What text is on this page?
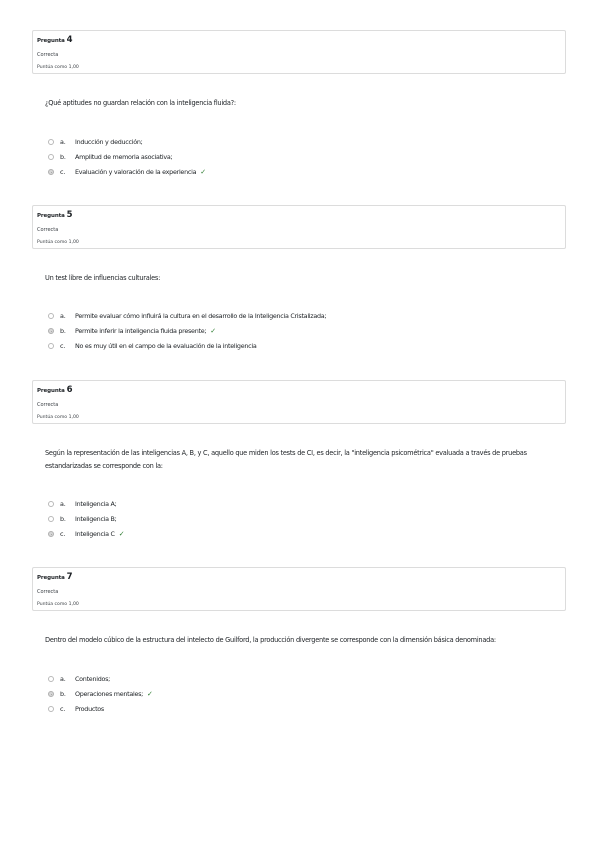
Pregunta 4
Correcta
Puntúa como 1,00
¿Qué aptitudes no guardan relación con la inteligencia fluida?:
a. Inducción y deducción;
b. Amplitud de memoria asociativa;
c. Evaluación y valoración de la experiencia ✓
Pregunta 5
Correcta
Puntúa como 1,00
Un test libre de influencias culturales:
a. Permite evaluar cómo influirá la cultura en el desarrollo de la Inteligencia Cristalizada;
b. Permite inferir la inteligencia fluida presente; ✓
c. No es muy útil en el campo de la evaluación de la inteligencia
Pregunta 6
Correcta
Puntúa como 1,00
Según la representación de las inteligencias A, B, y C, aquello que miden los tests de CI, es decir, la "inteligencia psicométrica" evaluada a través de pruebas estandarizadas se corresponde con la:
a. Inteligencia A;
b. Inteligencia B;
c. Inteligencia C ✓
Pregunta 7
Correcta
Puntúa como 1,00
Dentro del modelo cúbico de la estructura del intelecto de Guilford, la producción divergente se corresponde con la dimensión básica denominada:
a. Contenidos;
b. Operaciones mentales; ✓
c. Productos
